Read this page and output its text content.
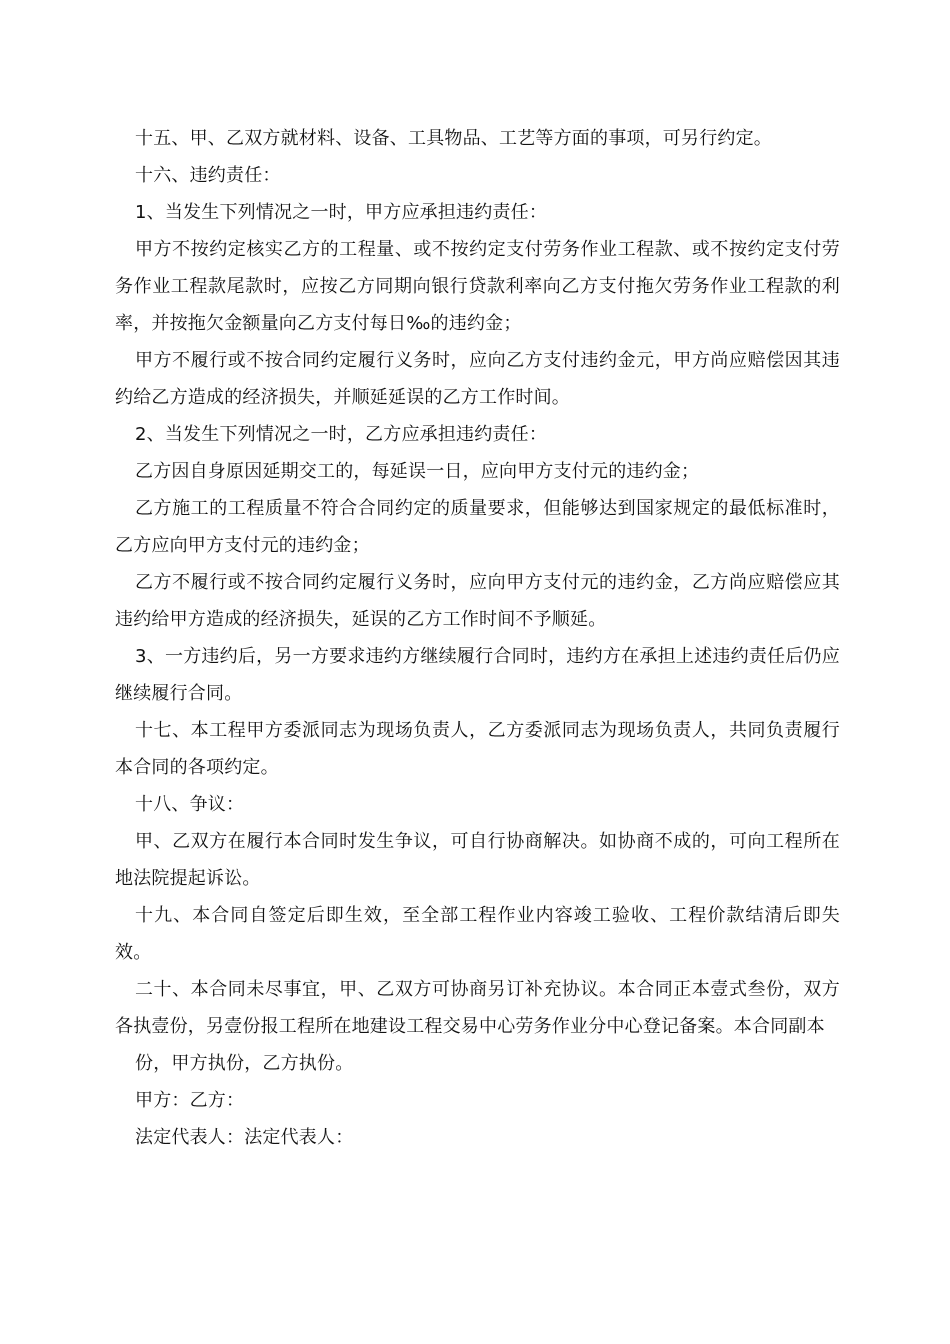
十五、甲、乙双方就材料、设备、工具物品、工艺等方面的事项，可另行约定。

十六、违约责任：

1、当发生下列情况之一时，甲方应承担违约责任：

甲方不按约定核实乙方的工程量、或不按约定支付劳务作业工程款、或不按约定支付劳务作业工程款尾款时，应按乙方同期向银行贷款利率向乙方支付拖欠劳务作业工程款的利率，并按拖欠金额量向乙方支付每日‰的违约金；

甲方不履行或不按合同约定履行义务时，应向乙方支付违约金元，甲方尚应赔偿因其违约给乙方造成的经济损失，并顺延延误的乙方工作时间。

2、当发生下列情况之一时，乙方应承担违约责任：

乙方因自身原因延期交工的，每延误一日，应向甲方支付元的违约金；

乙方施工的工程质量不符合合同约定的质量要求，但能够达到国家规定的最低标准时，乙方应向甲方支付元的违约金；

乙方不履行或不按合同约定履行义务时，应向甲方支付元的违约金，乙方尚应赔偿应其违约给甲方造成的经济损失，延误的乙方工作时间不予顺延。

3、一方违约后，另一方要求违约方继续履行合同时，违约方在承担上述违约责任后仍应继续履行合同。

十七、本工程甲方委派同志为现场负责人，乙方委派同志为现场负责人，共同负责履行本合同的各项约定。

十八、争议：

甲、乙双方在履行本合同时发生争议，可自行协商解决。如协商不成的，可向工程所在地法院提起诉讼。

十九、本合同自签定后即生效，至全部工程作业内容竣工验收、工程价款结清后即失效。

二十、本合同未尽事宜，甲、乙双方可协商另订补充协议。本合同正本壹式叁份，双方各执壹份，另壹份报工程所在地建设工程交易中心劳务作业分中心登记备案。本合同副本

份，甲方执份，乙方执份。

甲方：乙方：

法定代表人：法定代表人：
